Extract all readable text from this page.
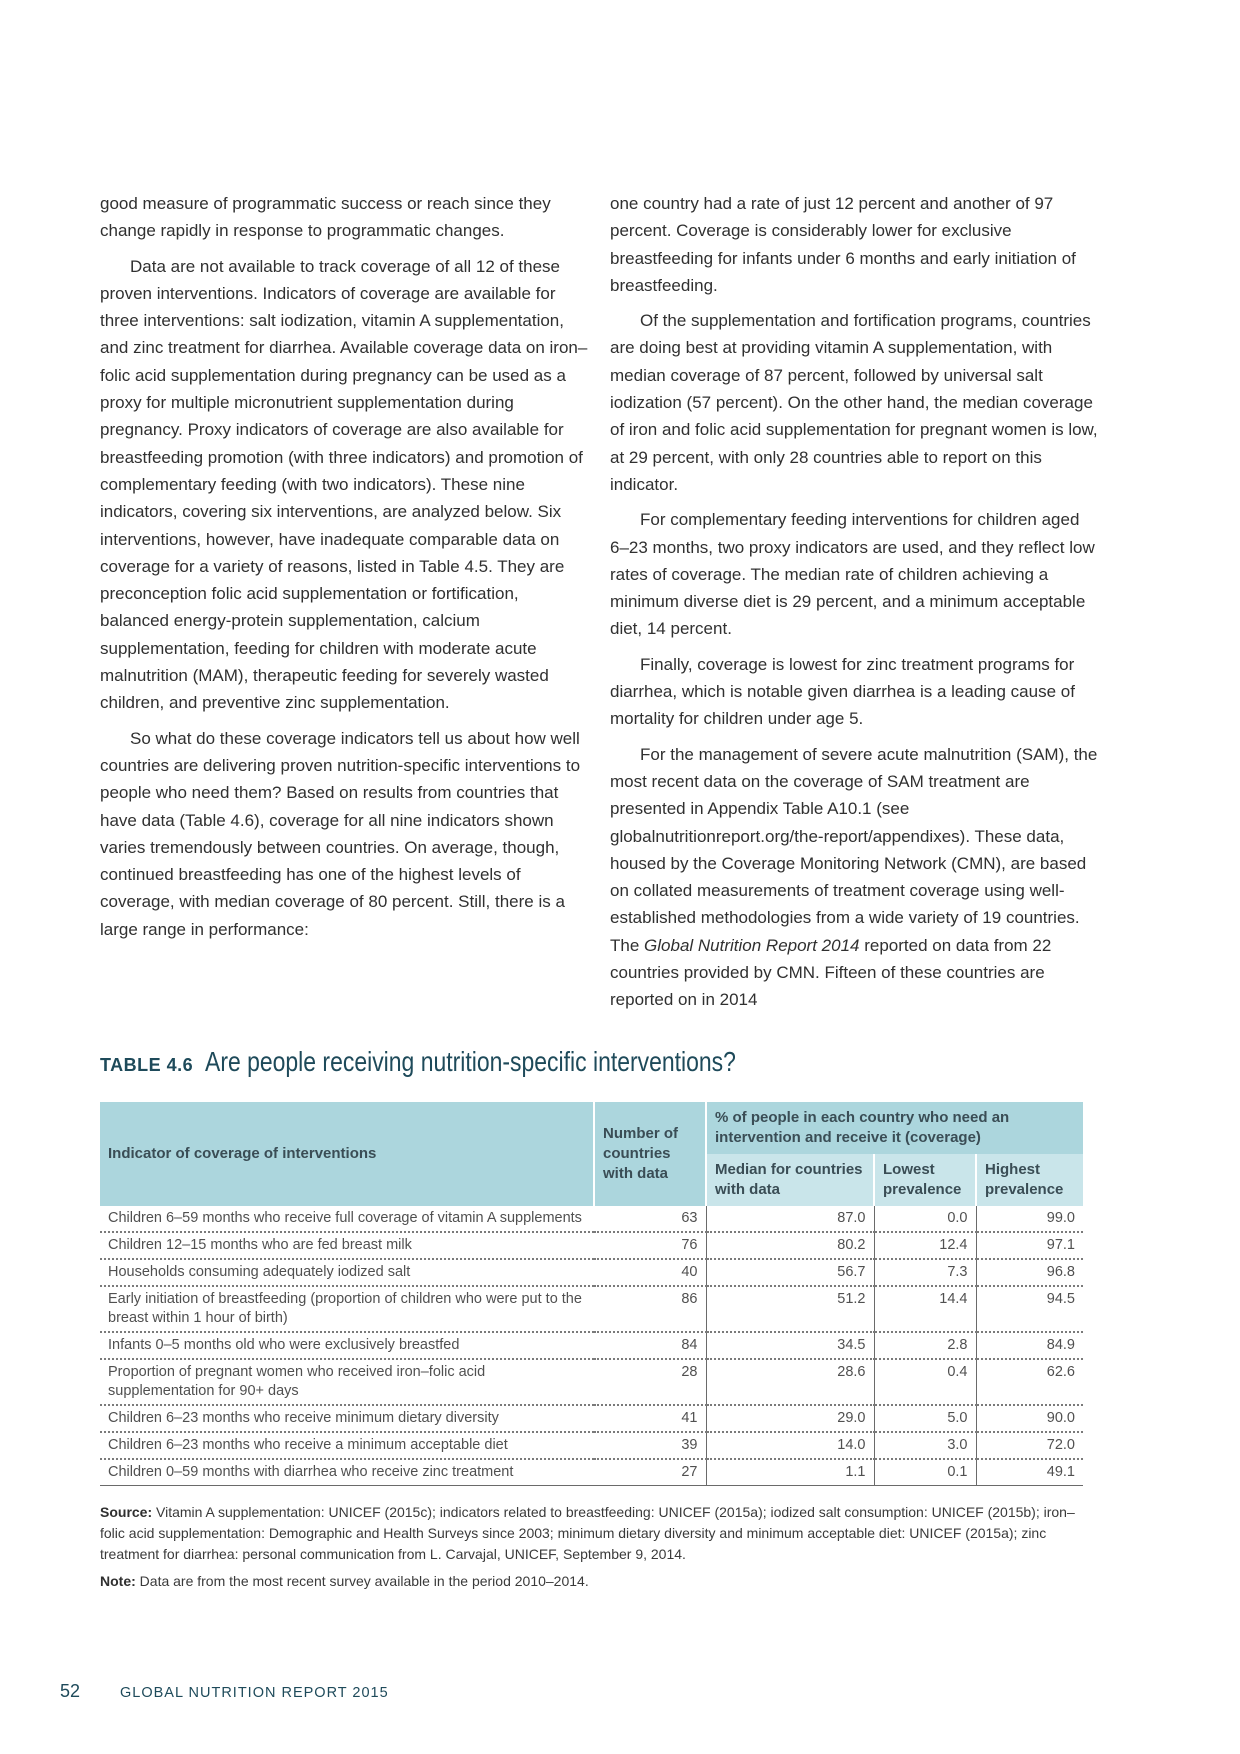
good measure of programmatic success or reach since they change rapidly in response to programmatic changes.

Data are not available to track coverage of all 12 of these proven interventions. Indicators of coverage are available for three interventions: salt iodization, vitamin A supplementation, and zinc treatment for diarrhea. Available coverage data on iron–folic acid supplementation during pregnancy can be used as a proxy for multiple micronutrient supplementation during pregnancy. Proxy indicators of coverage are also available for breastfeeding promotion (with three indicators) and promotion of complementary feeding (with two indicators). These nine indicators, covering six interventions, are analyzed below. Six interventions, however, have inadequate comparable data on coverage for a variety of reasons, listed in Table 4.5. They are preconception folic acid supplementation or fortification, balanced energy-protein supplementation, calcium supplementation, feeding for children with moderate acute malnutrition (MAM), therapeutic feeding for severely wasted children, and preventive zinc supplementation.

So what do these coverage indicators tell us about how well countries are delivering proven nutrition-specific interventions to people who need them? Based on results from countries that have data (Table 4.6), coverage for all nine indicators shown varies tremendously between countries. On average, though, continued breastfeeding has one of the highest levels of coverage, with median coverage of 80 percent. Still, there is a large range in performance:

one country had a rate of just 12 percent and another of 97 percent. Coverage is considerably lower for exclusive breastfeeding for infants under 6 months and early initiation of breastfeeding.

Of the supplementation and fortification programs, countries are doing best at providing vitamin A supplementation, with median coverage of 87 percent, followed by universal salt iodization (57 percent). On the other hand, the median coverage of iron and folic acid supplementation for pregnant women is low, at 29 percent, with only 28 countries able to report on this indicator.

For complementary feeding interventions for children aged 6–23 months, two proxy indicators are used, and they reflect low rates of coverage. The median rate of children achieving a minimum diverse diet is 29 percent, and a minimum acceptable diet, 14 percent.

Finally, coverage is lowest for zinc treatment programs for diarrhea, which is notable given diarrhea is a leading cause of mortality for children under age 5.

For the management of severe acute malnutrition (SAM), the most recent data on the coverage of SAM treatment are presented in Appendix Table A10.1 (see globalnutritionreport.org/the-report/appendixes). These data, housed by the Coverage Monitoring Network (CMN), are based on collated measurements of treatment coverage using well-established methodologies from a wide variety of 19 countries. The Global Nutrition Report 2014 reported on data from 22 countries provided by CMN. Fifteen of these countries are reported on in 2014

TABLE 4.6 Are people receiving nutrition-specific interventions?
Indicator of coverage of interventions	Number of countries with data	% of people in each country who need an intervention and receive it (coverage)		
		Median for countries with data	Lowest prevalence	Highest prevalence
Children 6–59 months who receive full coverage of vitamin A supplements	63	87.0	0.0	99.0
Children 12–15 months who are fed breast milk	76	80.2	12.4	97.1
Households consuming adequately iodized salt	40	56.7	7.3	96.8
Early initiation of breastfeeding (proportion of children who were put to the breast within 1 hour of birth)	86	51.2	14.4	94.5
Infants 0–5 months old who were exclusively breastfed	84	34.5	2.8	84.9
Proportion of pregnant women who received iron–folic acid supplementation for 90+ days	28	28.6	0.4	62.6
Children 6–23 months who receive minimum dietary diversity	41	29.0	5.0	90.0
Children 6–23 months who receive a minimum acceptable diet	39	14.0	3.0	72.0
Children 0–59 months with diarrhea who receive zinc treatment	27	1.1	0.1	49.1

Source: Vitamin A supplementation: UNICEF (2015c); indicators related to breastfeeding: UNICEF (2015a); iodized salt consumption: UNICEF (2015b); iron–folic acid supplementation: Demographic and Health Surveys since 2003; minimum dietary diversity and minimum acceptable diet: UNICEF (2015a); zinc treatment for diarrhea: personal communication from L. Carvajal, UNICEF, September 9, 2014.

Note: Data are from the most recent survey available in the period 2010–2014.

52	GLOBAL NUTRITION REPORT 2015
